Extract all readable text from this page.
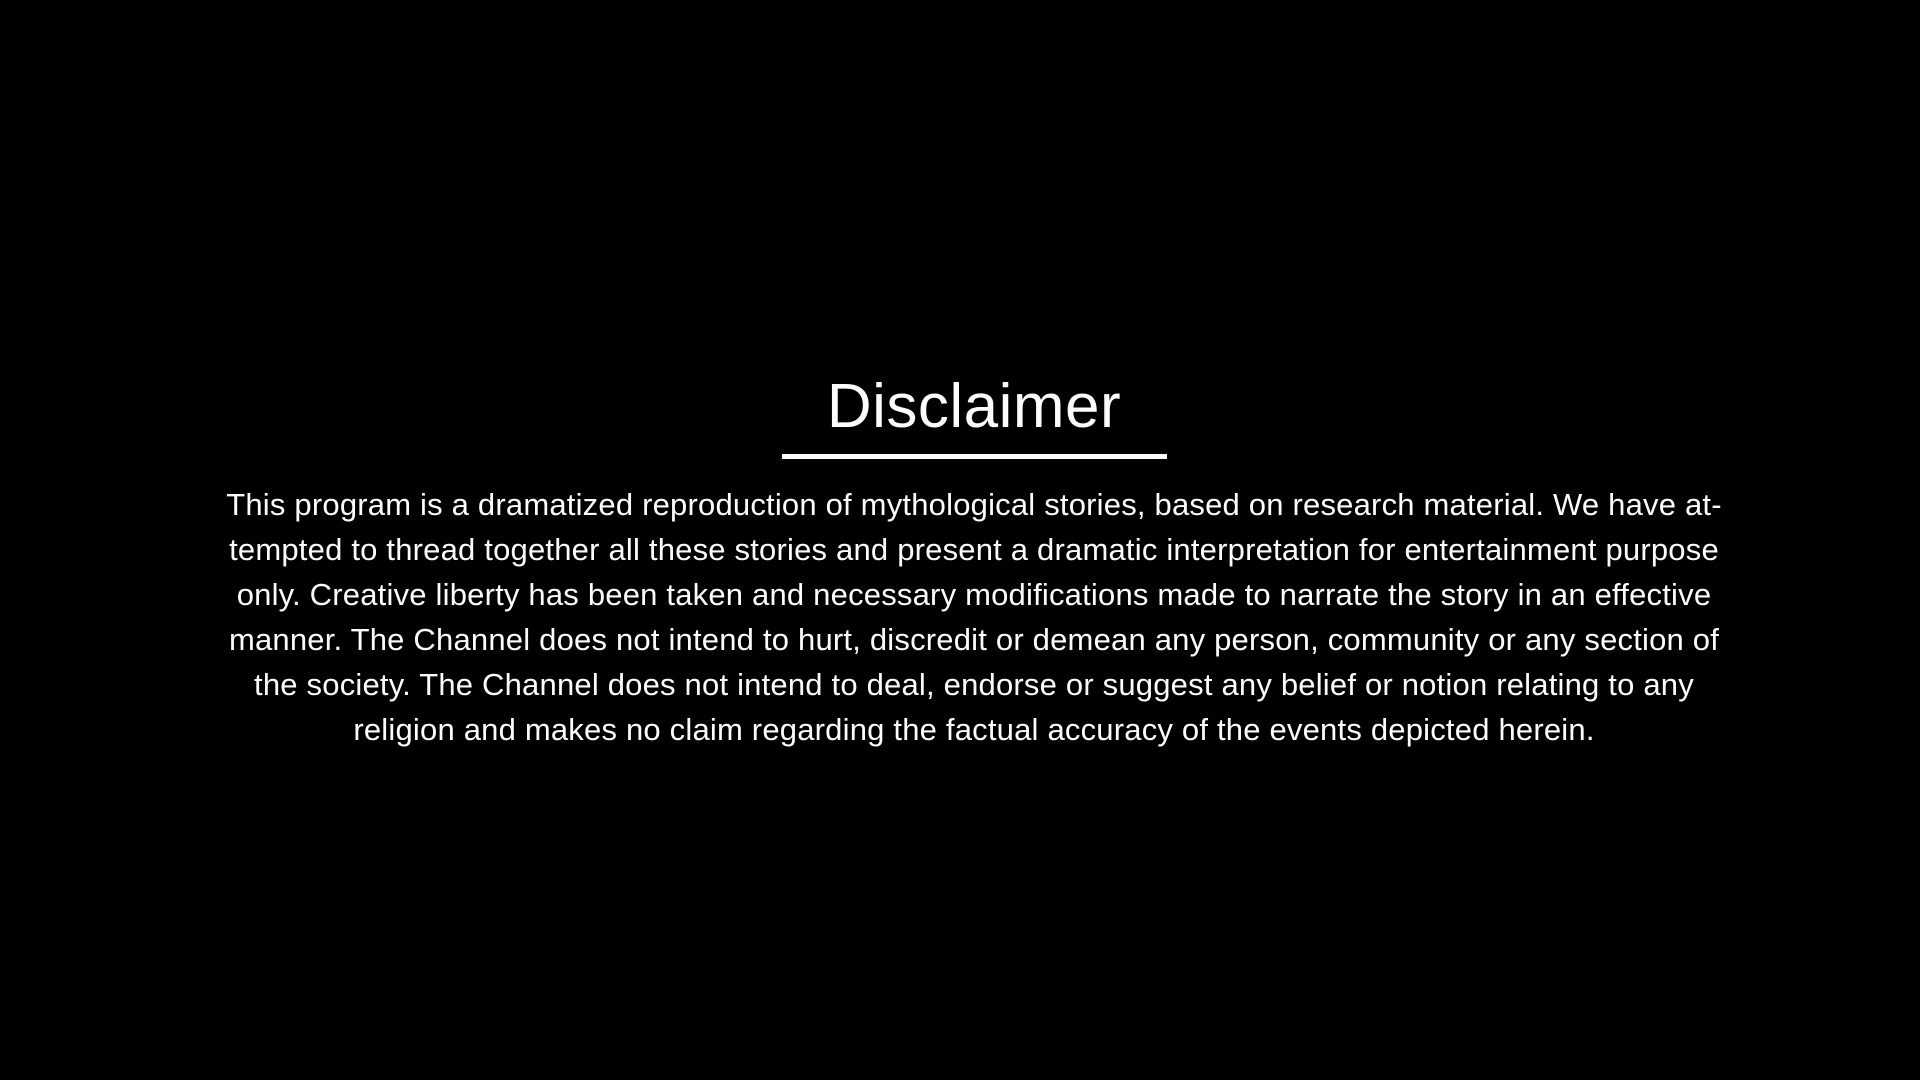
Disclaimer
This program is a dramatized reproduction of mythological stories, based on research material. We have at-
tempted to thread together all these stories and present a dramatic interpretation for entertainment purpose
only. Creative liberty has been taken and necessary modifications made to narrate the story in an effective
manner. The Channel does not intend to hurt, discredit or demean any person, community or any section of
the society. The Channel does not intend to deal, endorse or suggest any belief or notion relating to any
religion and makes no claim regarding the factual accuracy of the events depicted herein.
